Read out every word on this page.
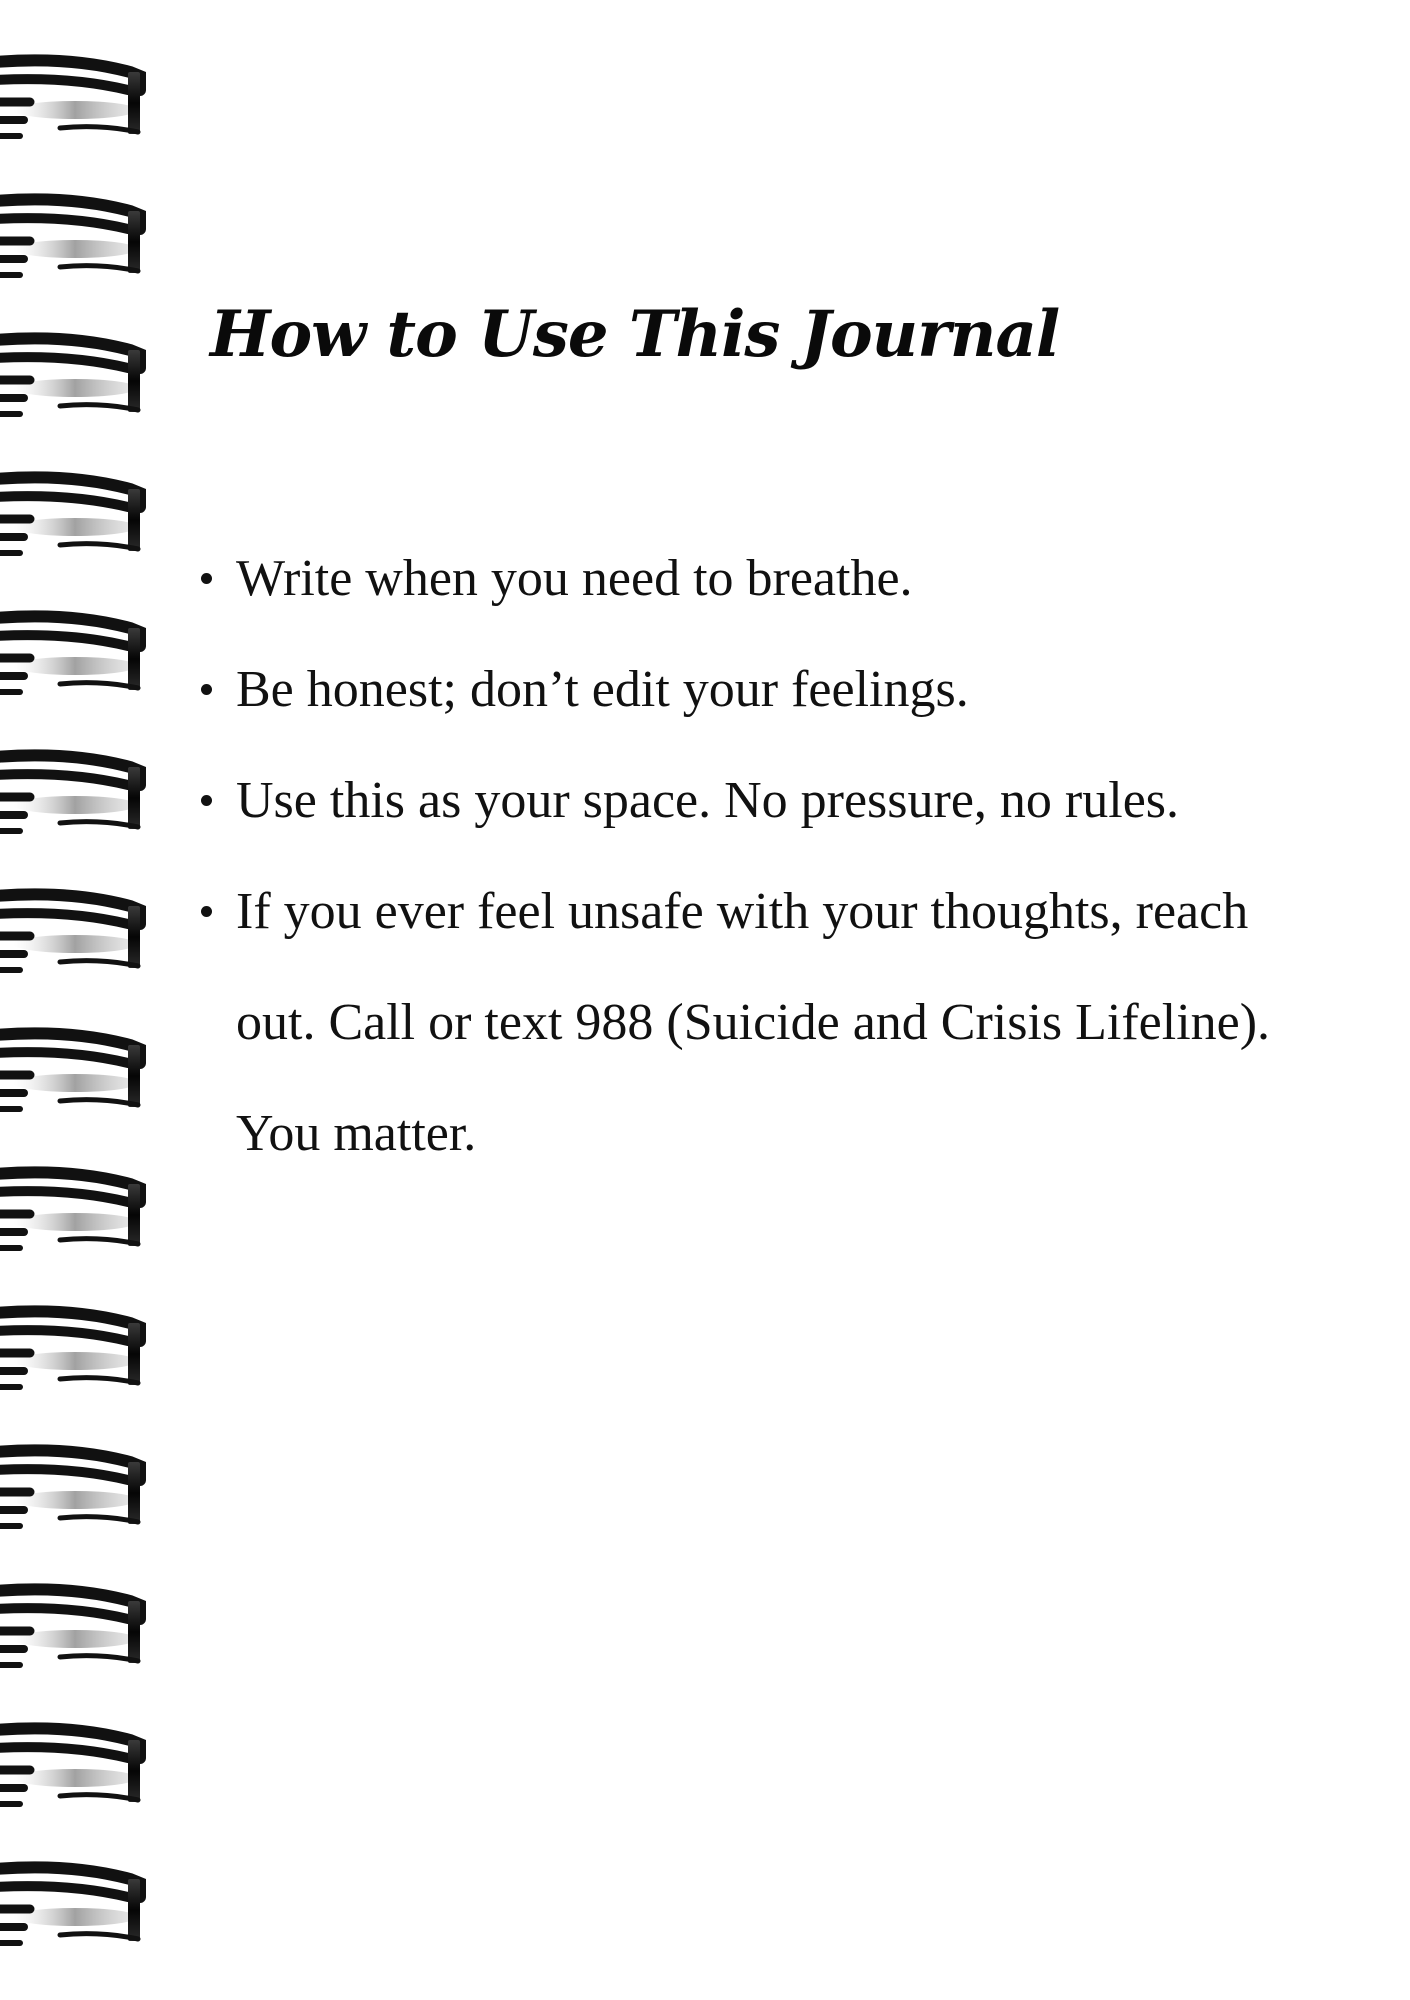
How to Use This Journal
Write when you need to breathe.
Be honest; don’t edit your feelings.
Use this as your space. No pressure, no rules.
If you ever feel unsafe with your thoughts, reach out. Call or text 988 (Suicide and Crisis Lifeline). You matter.
